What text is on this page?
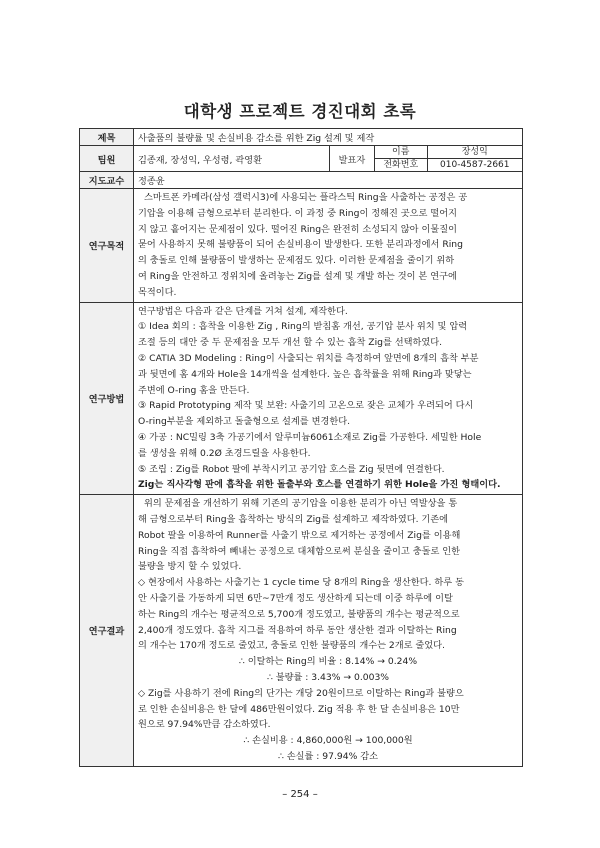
대학생 프로젝트 경진대회 초록
제목	사출품의 불량률 및 손실비용 감소를 위한 Zig 설계 및 제작
팀원	김종재, 장성익, 우성령, 곽영환	발표자	
이름	장성익
전화번호	010-4587-2661

지도교수	정종윤
연구목적	
스마트폰 카메라(삼성 갤럭시3)에 사용되는 플라스틱 Ring을 사출하는 공정은 공
기압을 이용해 금형으로부터 분리한다. 이 과정 중 Ring이 정해진 곳으로 떨어지
지 않고 흩어지는 문제점이 있다. 떨어진 Ring은 완전히 소성되지 않아 이물질이
묻어 사용하지 못해 불량품이 되어 손실비용이 발생한다. 또한 분리과정에서 Ring
의 충돌로 인해 불량품이 발생하는 문제점도 있다. 이러한 문제점을 줄이기 위하
여 Ring을 안전하고 정위치에 올려놓는 Zig를 설계 및 개발 하는 것이 본 연구에
목적이다.

연구방법	
연구방법은 다음과 같은 단계를 거쳐 설계, 제작한다.
① Idea 회의 : 흡착을 이용한 Zig , Ring의 받침홈 개선, 공기압 분사 위치 및 압력
조절 등의 대안 중 두 문제점을 모두 개선 할 수 있는 흡착 Zig를 선택하였다.
② CATIA 3D Modeling : Ring이 사출되는 위치를 측정하여 앞면에 8개의 흡착 부분
과 뒷면에 홈 4개와 Hole을 14개씩을 설계한다. 높은 흡착률을 위해 Ring과 맞닿는
주변에 O-ring 홈을 만든다.
③ Rapid Prototyping 제작 및 보완: 사출기의 고온으로 잦은 교체가 우려되어 다시
O-ring부분을 제외하고 돌출형으로 설계를 변경한다.
④ 가공 : NC밀링 3축 가공기에서 알루미늄6061소재로 Zig를 가공한다. 세밀한 Hole
를 생성을 위해 0.2Ø 초경드릴을 사용한다.
⑤ 조립 : Zig를 Robot 팔에 부착시키고 공기압 호스를 Zig 뒷면에 연결한다.
Zig는 직사각형 판에 흡착을 위한 돌출부와 호스를 연결하기 위한 Hole을 가진 형태이다.

연구결과	
위의 문제점을 개선하기 위해 기존의 공기압을 이용한 분리가 아닌 역발상을 통
해 금형으로부터 Ring을 흡착하는 방식의 Zig를 설계하고 제작하였다. 기존에
Robot 팔을 이용하여 Runner를 사출기 밖으로 제거하는 공정에서 Zig를 이용해
Ring을 직접 흡착하여 빼내는 공정으로 대체함으로써 분실을 줄이고 충돌로 인한
불량을 방지 할 수 있었다.
◇ 현장에서 사용하는 사출기는 1 cycle time 당 8개의 Ring을 생산한다. 하루 동
안 사출기를 가동하게 되면 6만~7만개 정도 생산하게 되는데 이중 하루에 이탈
하는 Ring의 개수는 평균적으로 5,700개 정도였고, 불량품의 개수는 평균적으로
2,400개 정도였다. 흡착 지그를 적용하여 하루 동안 생산한 결과 이탈하는 Ring
의 개수는 170개 정도로 줄었고, 충돌로 인한 불량품의 개수는 2개로 줄었다.
∴ 이탈하는 Ring의 비율 : 8.14% → 0.24%
∴ 불량률 : 3.43% → 0.003%
◇ Zig를 사용하기 전에 Ring의 단가는 개당 20원이므로 이탈하는 Ring과 불량으
로 인한 손실비용은 한 달에 486만원이었다. Zig 적용 후 한 달 손실비용은 10만
원으로 97.94%만큼 감소하였다.
∴ 손실비용 : 4,860,000원 → 100,000원
∴ 손실률 : 97.94% 감소
– 254 –
